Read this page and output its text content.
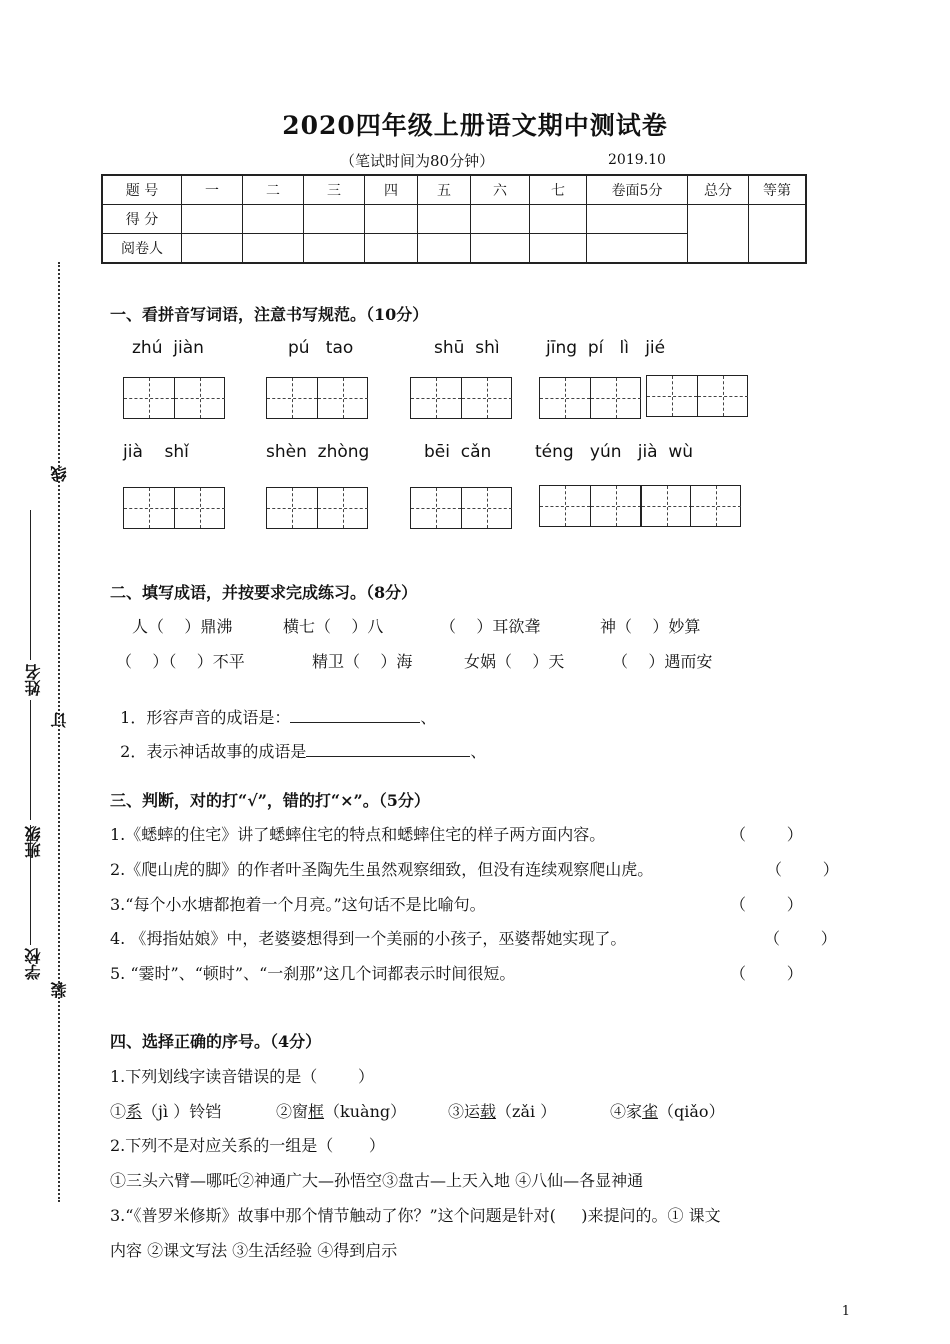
2020四年级上册语文期中测试卷
（笔试时间为80分钟）	2019.10
题 号	一	二	三	四	五	六	七	卷面5分	总分	等第
得 分										
阅卷人										
学校
班级
姓名
装
订
线
一、看拼音写词语，注意书写规范。（10分）
zhú  jiàn	pú   tao	shū  shì	jīng  pí   lì   jié
jià    shǐ	shèn  zhòng	bēi  cǎn	téng   yún   jià  wù
二、填写成语，并按要求完成练习。（8分）
人（    ）鼎沸	横七（    ）八	（    ）耳欲聋	神（    ）妙算
（    ）（    ）不平	精卫（    ）海	女娲（    ）天	（    ）遇而安

1．形容声音的成语是：	、

2．表示神话故事的成语是	、

三、判断，对的打“√”，错的打“×”。（5分）
1.《蟋蟀的住宅》讲了蟋蟀住宅的特点和蟋蟀住宅的样子两方面内容。	（        ）
2.《爬山虎的脚》的作者叶圣陶先生虽然观察细致，但没有连续观察爬山虎。	（        ）
3.“每个小水塘都抱着一个月亮。”这句话不是比喻句。	（        ）
4. 《拇指姑娘》中，老婆婆想得到一个美丽的小孩子，巫婆帮她实现了。	（        ）
5. “霎时”、“顿时”、“一刹那”这几个词都表示时间很短。	（        ）
四、选择正确的序号。（4分）
1.下列划线字读音错误的是（        ）
①系（jì ）铃铛	②窗框（kuàng）	③运载（zǎi ）	④家雀（qiǎo）
2.下列不是对应关系的一组是（       ）
①三头六臂—哪吒②神通广大—孙悟空③盘古—上天入地 ④八仙—各显神通
3.“《普罗米修斯》故事中那个情节触动了你？”这个问题是针对(     )来提问的。① 课文
内容 ②课文写法 ③生活经验 ④得到启示
1
